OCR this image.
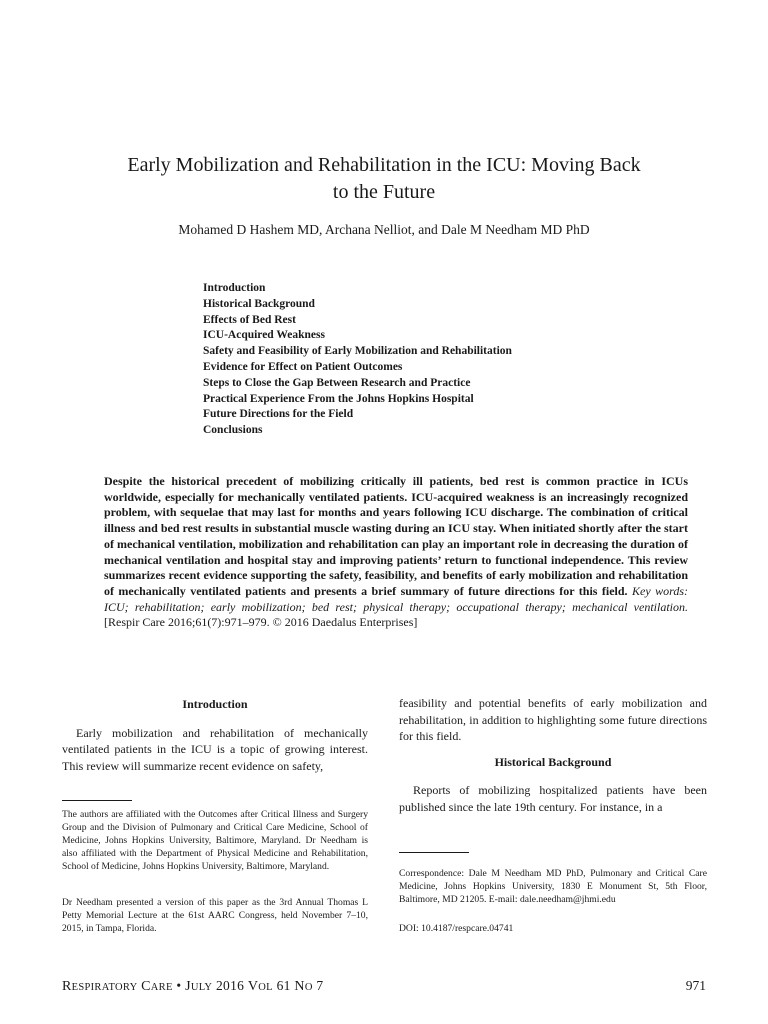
Early Mobilization and Rehabilitation in the ICU: Moving Back
to the Future
Mohamed D Hashem MD, Archana Nelliot, and Dale M Needham MD PhD
Introduction
Historical Background
Effects of Bed Rest
ICU-Acquired Weakness
Safety and Feasibility of Early Mobilization and Rehabilitation
Evidence for Effect on Patient Outcomes
Steps to Close the Gap Between Research and Practice
Practical Experience From the Johns Hopkins Hospital
Future Directions for the Field
Conclusions
Despite the historical precedent of mobilizing critically ill patients, bed rest is common practice in ICUs worldwide, especially for mechanically ventilated patients. ICU-acquired weakness is an increasingly recognized problem, with sequelae that may last for months and years following ICU discharge. The combination of critical illness and bed rest results in substantial muscle wasting during an ICU stay. When initiated shortly after the start of mechanical ventilation, mobilization and rehabilitation can play an important role in decreasing the duration of mechanical ventilation and hospital stay and improving patients’ return to functional independence. This review summarizes recent evidence supporting the safety, feasibility, and benefits of early mobilization and rehabilitation of mechanically ventilated patients and presents a brief summary of future directions for this field. Key words: ICU; rehabilitation; early mobilization; bed rest; physical therapy; occupational therapy; mechanical ventilation. [Respir Care 2016;61(7):971–979. © 2016 Daedalus Enterprises]
Introduction
Early mobilization and rehabilitation of mechanically ventilated patients in the ICU is a topic of growing interest. This review will summarize recent evidence on safety,
The authors are affiliated with the Outcomes after Critical Illness and Surgery Group and the Division of Pulmonary and Critical Care Medicine, School of Medicine, Johns Hopkins University, Baltimore, Maryland. Dr Needham is also affiliated with the Department of Physical Medicine and Rehabilitation, School of Medicine, Johns Hopkins University, Baltimore, Maryland.
Dr Needham presented a version of this paper as the 3rd Annual Thomas L Petty Memorial Lecture at the 61st AARC Congress, held November 7–10, 2015, in Tampa, Florida.
feasibility and potential benefits of early mobilization and rehabilitation, in addition to highlighting some future directions for this field.
Historical Background
Reports of mobilizing hospitalized patients have been published since the late 19th century. For instance, in a
Correspondence: Dale M Needham MD PhD, Pulmonary and Critical Care Medicine, Johns Hopkins University, 1830 E Monument St, 5th Floor, Baltimore, MD 21205. E-mail: dale.needham@jhmi.edu
DOI: 10.4187/respcare.04741
RESPIRATORY CARE • JULY 2016 VOL 61 NO 7	971
